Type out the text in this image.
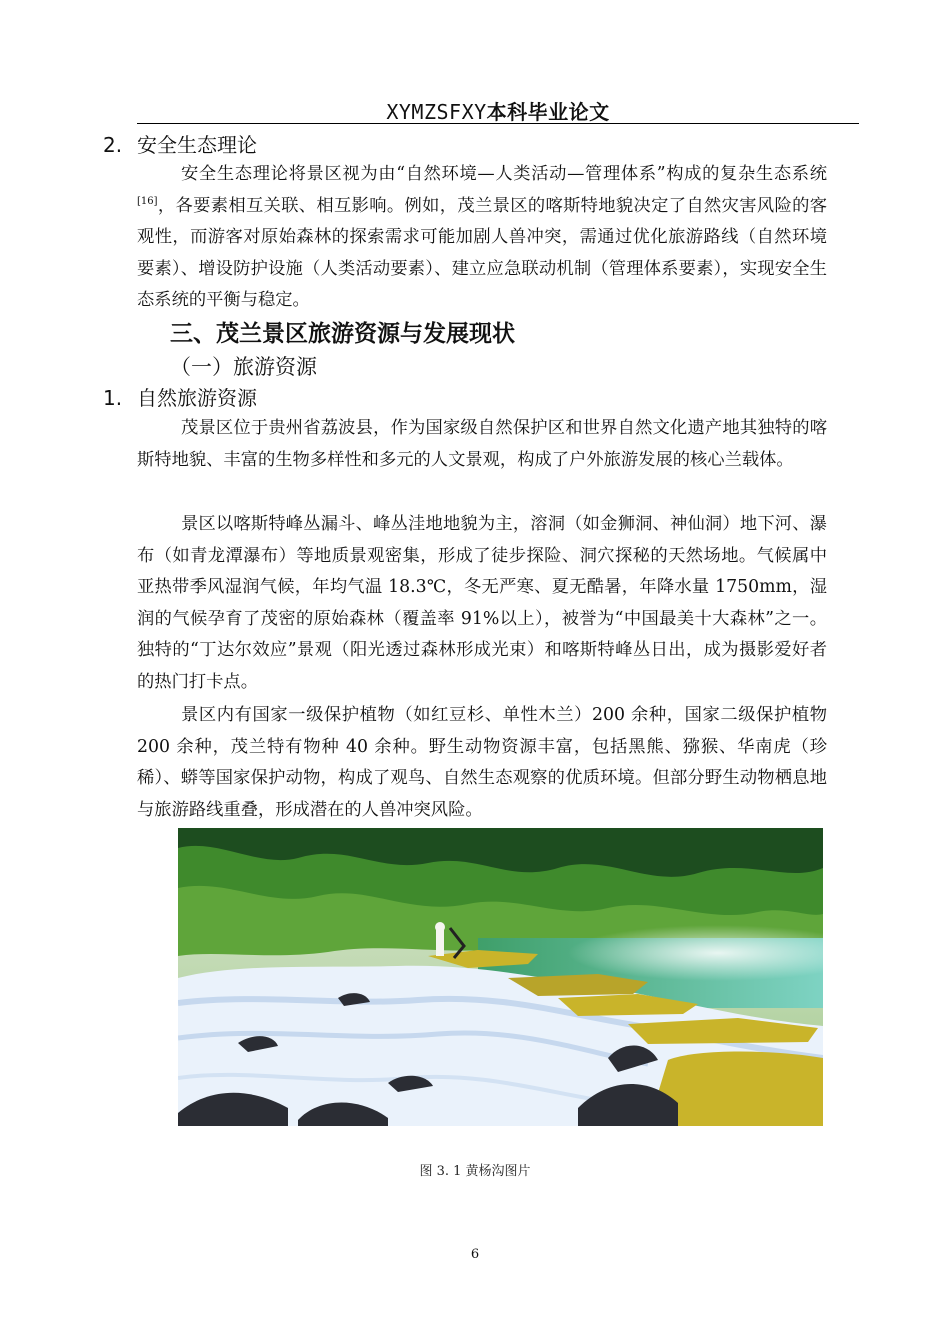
XYMZSFXY本科毕业论文
2. 安全生态理论

安全生态理论将景区视为由“自然环境—人类活动—管理体系”构成的复杂生态系统[16]，各要素相互关联、相互影响。例如，茂兰景区的喀斯特地貌决定了自然灾害风险的客观性，而游客对原始森林的探索需求可能加剧人兽冲突，需通过优化旅游路线（自然环境要素）、增设防护设施（人类活动要素）、建立应急联动机制（管理体系要素），实现安全生态系统的平衡与稳定。

三、茂兰景区旅游资源与发展现状
（一）旅游资源
1. 自然旅游资源

茂景区位于贵州省荔波县，作为国家级自然保护区和世界自然文化遗产地其独特的喀斯特地貌、丰富的生物多样性和多元的人文景观，构成了户外旅游发展的核心兰载体。

景区以喀斯特峰丛漏斗、峰丛洼地地貌为主，溶洞（如金狮洞、神仙洞）地下河、瀑布（如青龙潭瀑布）等地质景观密集，形成了徒步探险、洞穴探秘的天然场地。气候属中亚热带季风湿润气候，年均气温 18.3℃，冬无严寒、夏无酷暑，年降水量 1750mm，湿润的气候孕育了茂密的原始森林（覆盖率 91%以上），被誉为“中国最美十大森林”之一。独特的“丁达尔效应”景观（阳光透过森林形成光束）和喀斯特峰丛日出，成为摄影爱好者的热门打卡点。

景区内有国家一级保护植物（如红豆杉、单性木兰）200 余种，国家二级保护植物 200 余种，茂兰特有物种 40 余种。野生动物资源丰富，包括黑熊、猕猴、华南虎（珍稀）、蟒等国家保护动物，构成了观鸟、自然生态观察的优质环境。但部分野生动物栖息地与旅游路线重叠，形成潜在的人兽冲突风险。

图 3. 1 黄杨沟图片
6
